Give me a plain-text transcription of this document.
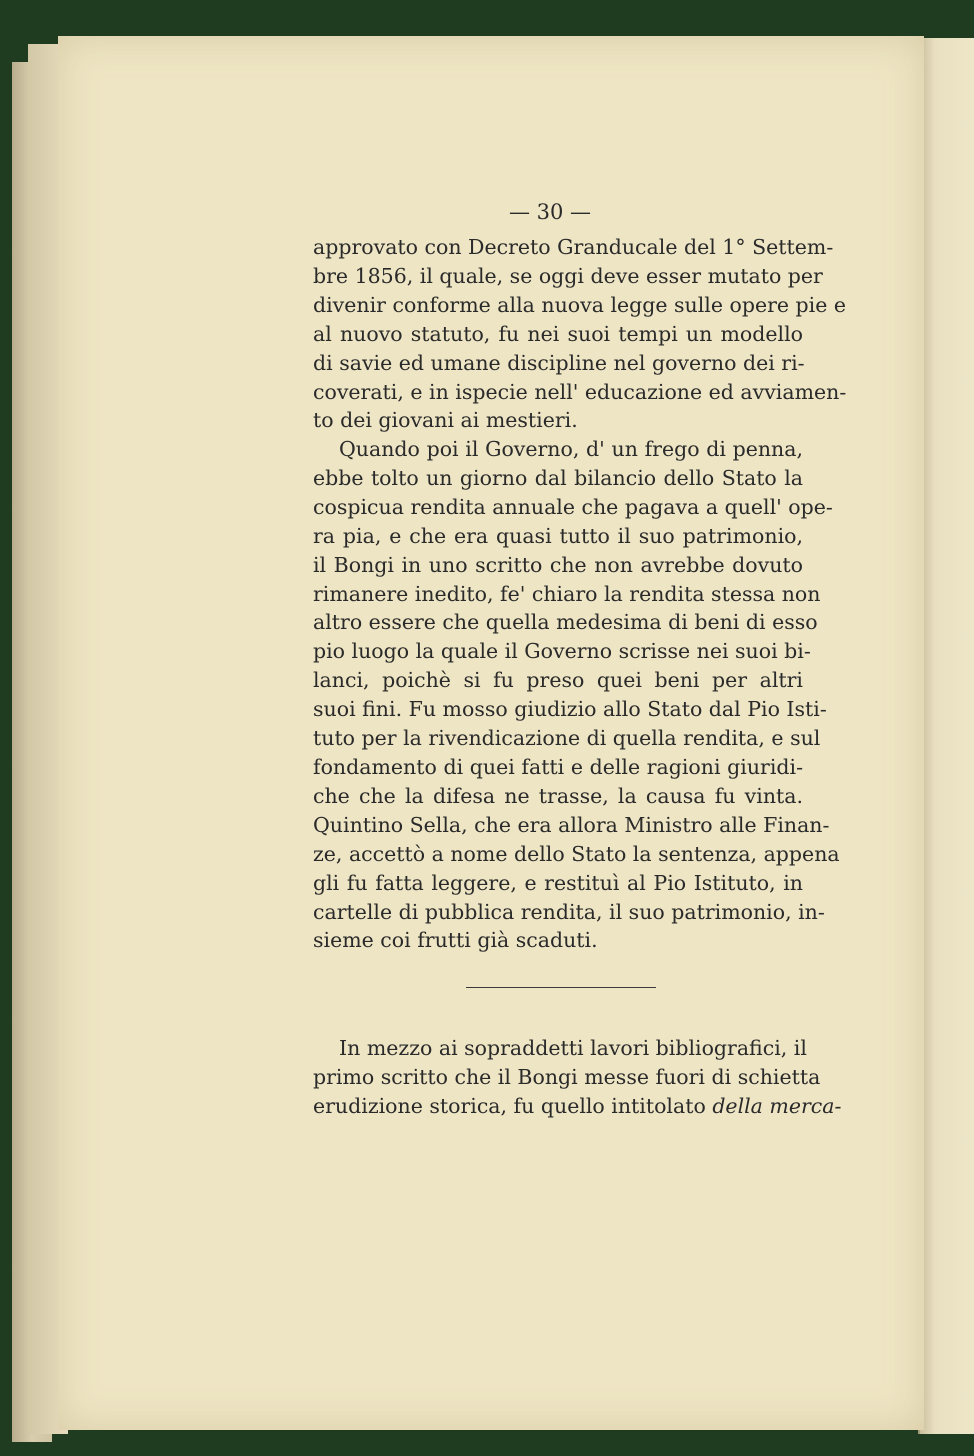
— 30 —
approvato con Decreto Granducale del 1° Settem-
bre 1856, il quale, se oggi deve esser mutato per
divenir conforme alla nuova legge sulle opere pie e
al nuovo statuto, fu nei suoi tempi un modello
di savie ed umane discipline nel governo dei ri-
coverati, e in ispecie nell' educazione ed avviamen-
to dei giovani ai mestieri.
Quando poi il Governo, d' un frego di penna,
ebbe tolto un giorno dal bilancio dello Stato la
cospicua rendita annuale che pagava a quell' ope-
ra pia, e che era quasi tutto il suo patrimonio,
il Bongi in uno scritto che non avrebbe dovuto
rimanere inedito, fe' chiaro la rendita stessa non
altro essere che quella medesima di beni di esso
pio luogo la quale il Governo scrisse nei suoi bi-
lanci, poichè si fu preso quei beni per altri
suoi fini. Fu mosso giudizio allo Stato dal Pio Isti-
tuto per la rivendicazione di quella rendita, e sul
fondamento di quei fatti e delle ragioni giuridi-
che che la difesa ne trasse, la causa fu vinta.
Quintino Sella, che era allora Ministro alle Finan-
ze, accettò a nome dello Stato la sentenza, appena
gli fu fatta leggere, e restituì al Pio Istituto, in
cartelle di pubblica rendita, il suo patrimonio, in-
sieme coi frutti già scaduti.
In mezzo ai sopraddetti lavori bibliografici, il
primo scritto che il Bongi messe fuori di schietta
erudizione storica, fu quello intitolato della merca-
